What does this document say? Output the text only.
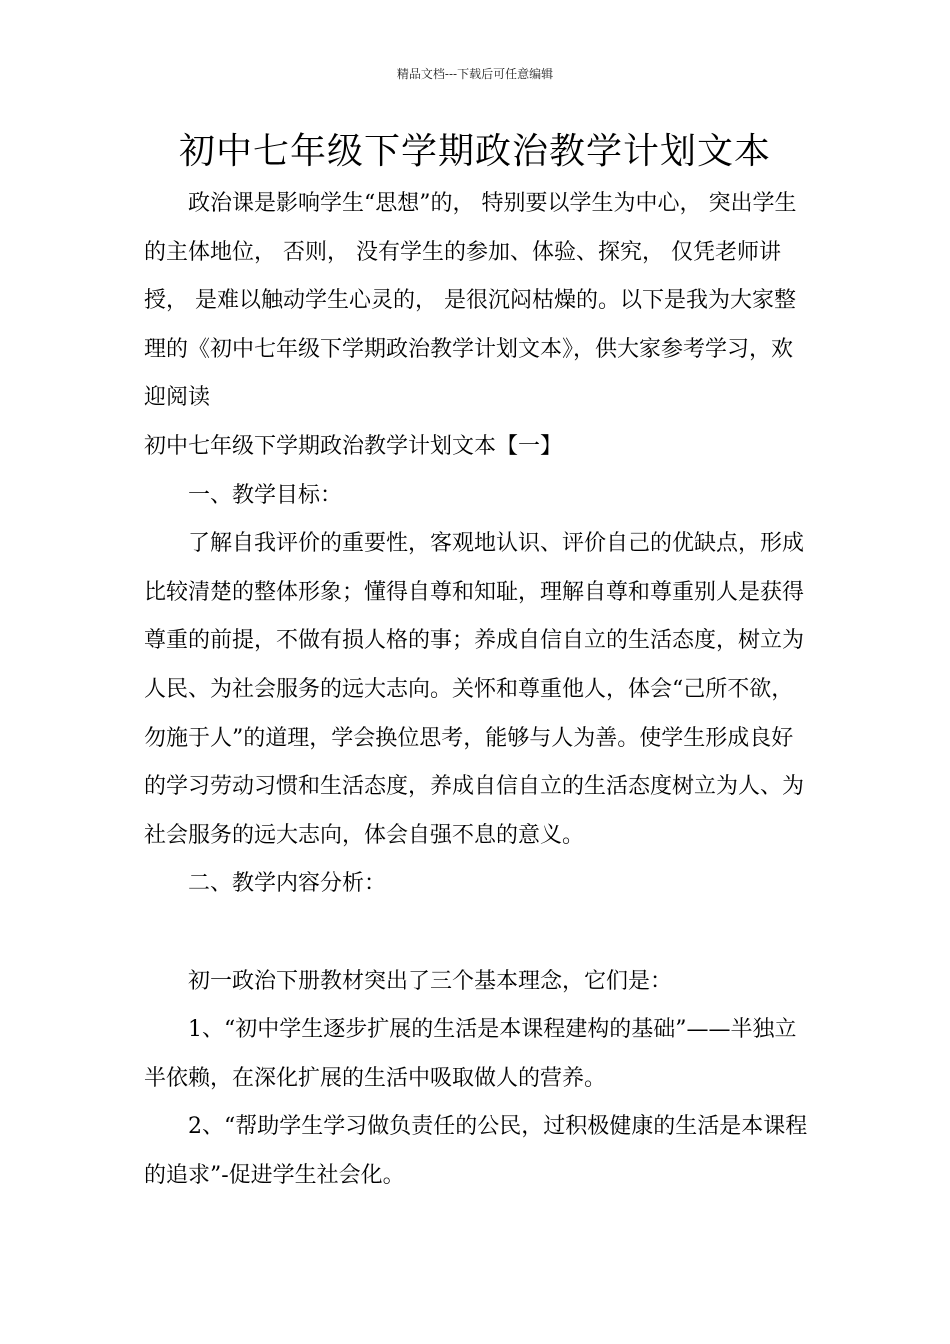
精品文档---下载后可任意编辑
初中七年级下学期政治教学计划文本

政治课是影响学生“思想”的， 特别要以学生为中心， 突出学生的主体地位， 否则， 没有学生的参加、体验、探究， 仅凭老师讲授， 是难以触动学生心灵的， 是很沉闷枯燥的。以下是我为大家整理的《初中七年级下学期政治教学计划文本》，供大家参考学习，欢迎阅读

初中七年级下学期政治教学计划文本【一】

一、教学目标：

了解自我评价的重要性，客观地认识、评价自己的优缺点，形成比较清楚的整体形象；懂得自尊和知耻，理解自尊和尊重别人是获得尊重的前提，不做有损人格的事；养成自信自立的生活态度，树立为人民、为社会服务的远大志向。关怀和尊重他人，体会“己所不欲，勿施于人”的道理，学会换位思考，能够与人为善。使学生形成良好的学习劳动习惯和生活态度，养成自信自立的生活态度树立为人、为社会服务的远大志向，体会自强不息的意义。

二、教学内容分析：

初一政治下册教材突出了三个基本理念，它们是：

1、“初中学生逐步扩展的生活是本课程建构的基础”——半独立半依赖，在深化扩展的生活中吸取做人的营养。

2、“帮助学生学习做负责任的公民，过积极健康的生活是本课程的追求”-促进学生社会化。
